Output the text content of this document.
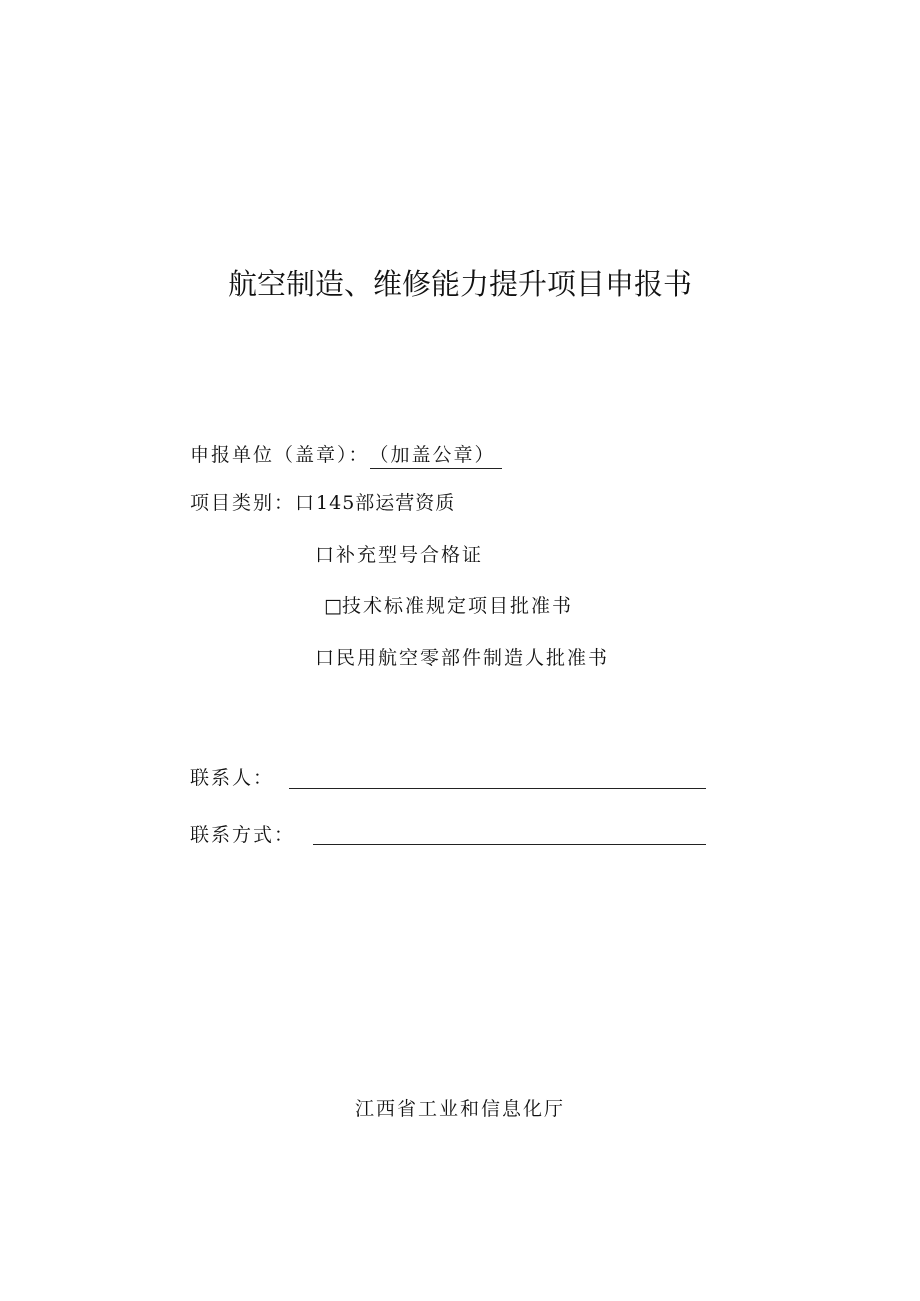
航空制造、维修能力提升项目申报书
申报单位（盖章）：（加盖公章）
项目类别：口145部运营资质
口补充型号合格证
□技术标准规定项目批准书
口民用航空零部件制造人批准书
联系人：
联系方式：
江西省工业和信息化厅
